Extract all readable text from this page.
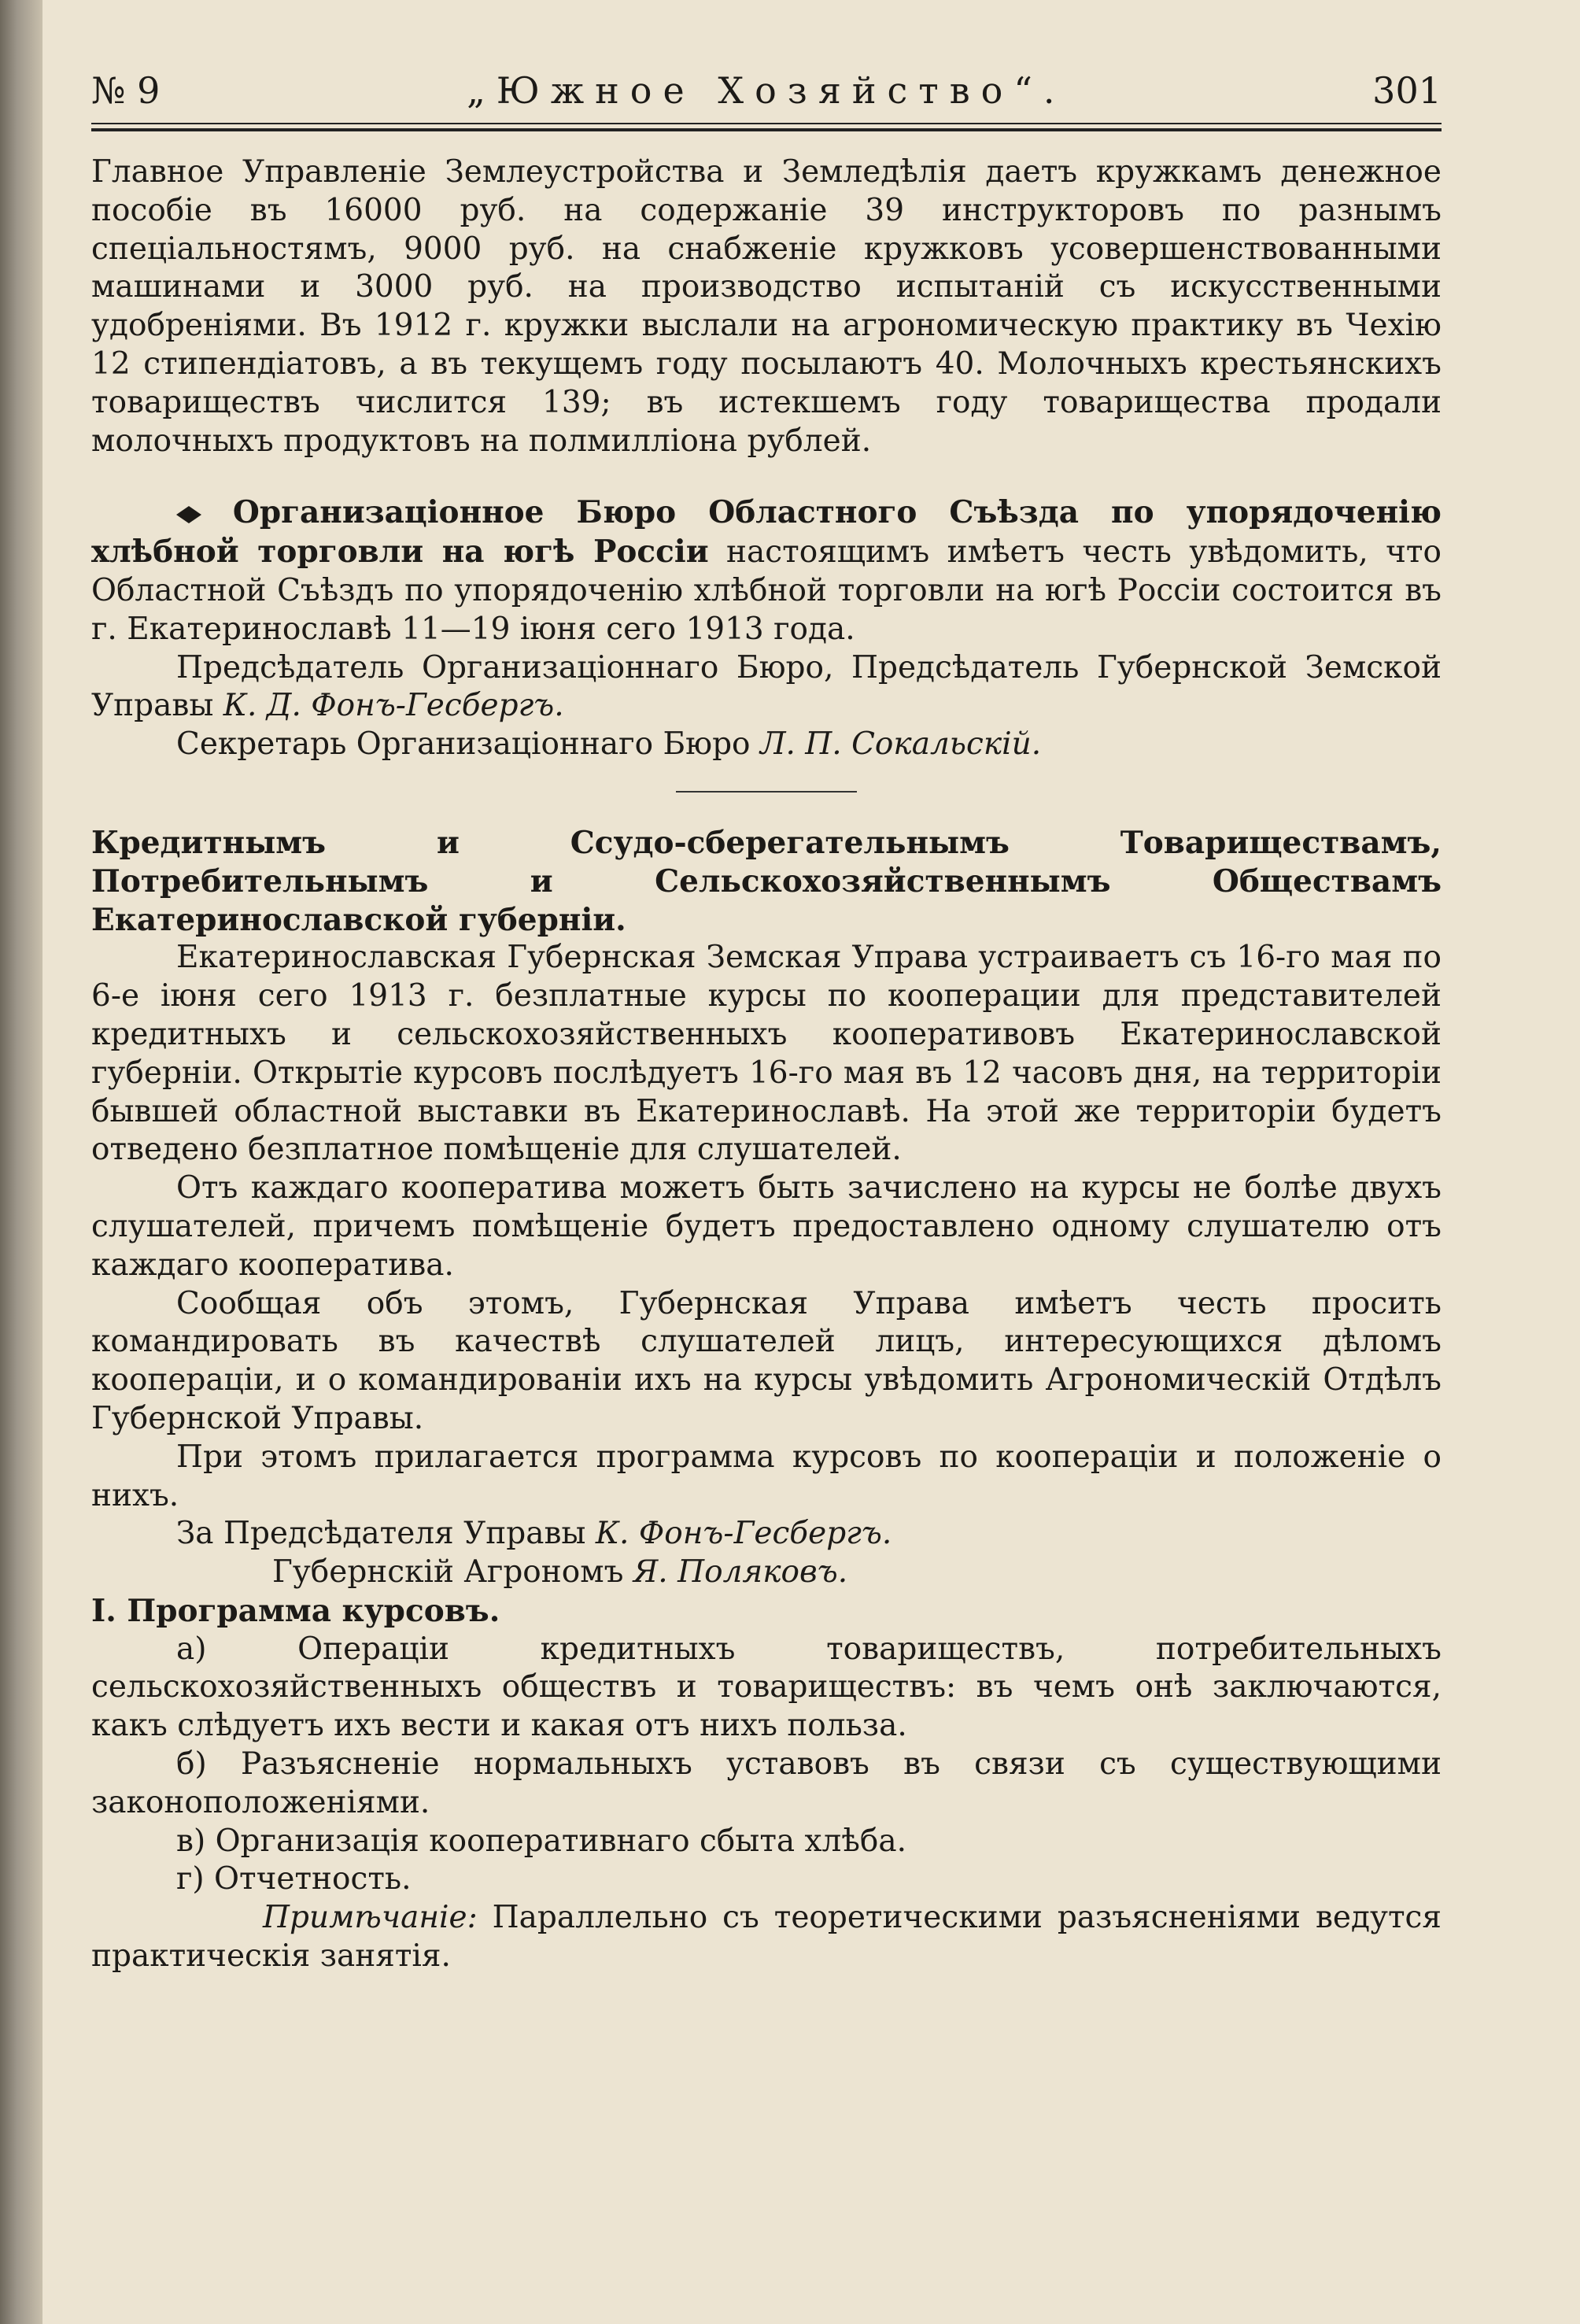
№ 9	„Южное Хозяйство“.	301

Главное Управленіе Землеустройства и Земледѣлія даетъ кружкамъ денежное пособіе въ 16000 руб. на содержаніе 39 инструкторовъ по разнымъ спеціальностямъ, 9000 руб. на снабженіе кружковъ усовершенствованными машинами и 3000 руб. на производство испытаній съ искусственными удобреніями. Въ 1912 г. кружки выслали на агрономическую практику въ Чехію 12 стипендіатовъ, а въ текущемъ году посылаютъ 40. Молочныхъ крестьянскихъ товариществъ числится 139; въ истекшемъ году товарищества продали молочныхъ продуктовъ на полмилліона рублей.

Организаціонное Бюро Областного Съѣзда по упорядоченію хлѣбной торговли на югѣ Россіи настоящимъ имѣетъ честь увѣдомить, что Областной Съѣздъ по упорядоченію хлѣбной торговли на югѣ Россіи состоится въ г. Екатеринославѣ 11—19 іюня сего 1913 года.

Предсѣдатель Организаціоннаго Бюро, Предсѣдатель Губернской Земской Управы К. Д. Фонъ-Гесбергъ.

Секретарь Организаціоннаго Бюро Л. П. Сокальскій.

Кредитнымъ и Ссудо-сберегательнымъ Товариществамъ, Потребительнымъ и Сельскохозяйственнымъ Обществамъ Екатеринославской губерніи.

Екатеринославская Губернская Земская Управа устраиваетъ съ 16-го мая по 6-е іюня сего 1913 г. безплатные курсы по кооперации для представителей кредитныхъ и сельскохозяйственныхъ кооперативовъ Екатеринославской губерніи. Открытіе курсовъ послѣдуетъ 16-го мая въ 12 часовъ дня, на территоріи бывшей областной выставки въ Екатеринославѣ. На этой же территоріи будетъ отведено безплатное помѣщеніе для слушателей.

Отъ каждаго кооператива можетъ быть зачислено на курсы не болѣе двухъ слушателей, причемъ помѣщеніе будетъ предоставлено одному слушателю отъ каждаго кооператива.

Сообщая объ этомъ, Губернская Управа имѣетъ честь просить командировать въ качествѣ слушателей лицъ, интересующихся дѣломъ коопераціи, и о командированіи ихъ на курсы увѣдомить Агрономическій Отдѣлъ Губернской Управы.

При этомъ прилагается программа курсовъ по коопераціи и положеніе о нихъ.

За Предсѣдателя Управы К. Фонъ-Гесбергъ.
Губернскій Агрономъ Я. Поляковъ.

I. Программа курсовъ.

а) Операціи кредитныхъ товариществъ, потребительныхъ сельскохозяйственныхъ обществъ и товариществъ: въ чемъ онѣ заключаются, какъ слѣдуетъ ихъ вести и какая отъ нихъ польза.

б) Разъясненіе нормальныхъ уставовъ въ связи съ существующими законоположеніями.

в) Организація кооперативнаго сбыта хлѣба.

г) Отчетность.

Примѣчаніе: Параллельно съ теоретическими разъясненіями ведутся практическія занятія.
